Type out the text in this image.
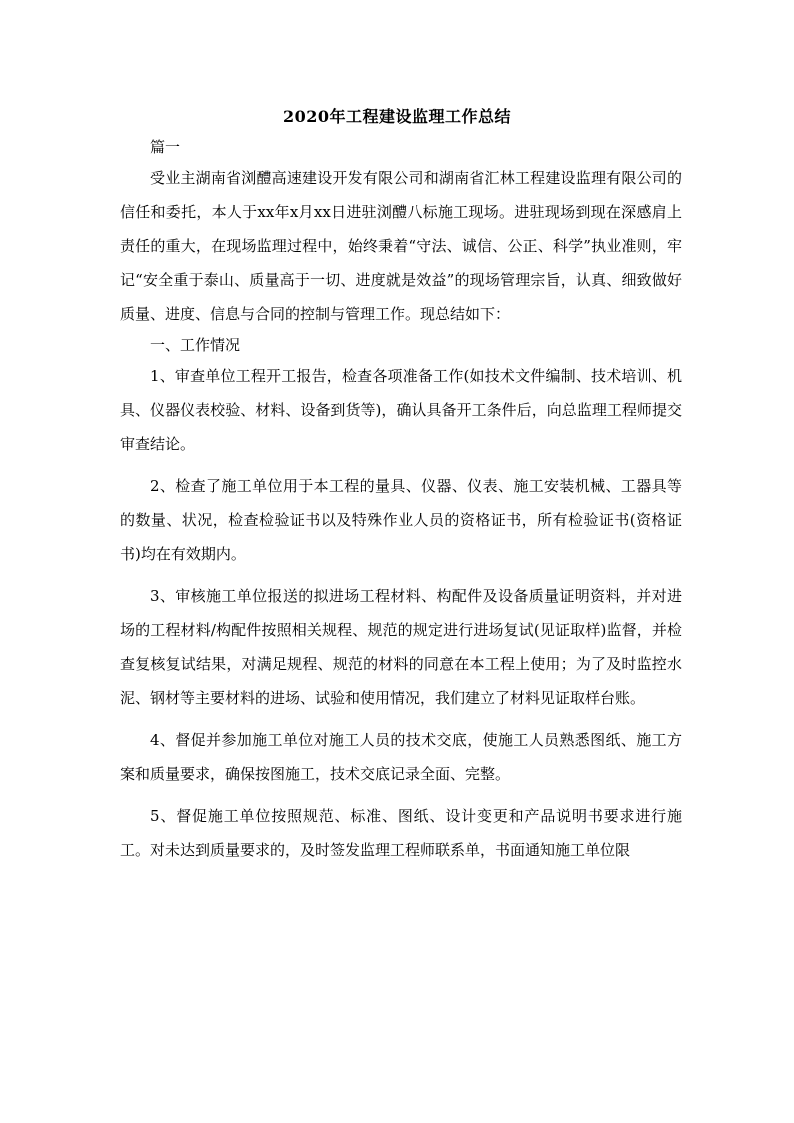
2020年工程建设监理工作总结

篇一

受业主湖南省浏醴高速建设开发有限公司和湖南省汇林工程建设监理有限公司的信任和委托，本人于xx年x月xx日进驻浏醴八标施工现场。进驻现场到现在深感肩上责任的重大，在现场监理过程中，始终秉着“守法、诚信、公正、科学”执业准则，牢记“安全重于泰山、质量高于一切、进度就是效益”的现场管理宗旨，认真、细致做好质量、进度、信息与合同的控制与管理工作。现总结如下：

一、工作情况

1、审查单位工程开工报告，检查各项准备工作(如技术文件编制、技术培训、机具、仪器仪表校验、材料、设备到货等)，确认具备开工条件后，向总监理工程师提交审查结论。

2、检查了施工单位用于本工程的量具、仪器、仪表、施工安装机械、工器具等的数量、状况，检查检验证书以及特殊作业人员的资格证书，所有检验证书(资格证书)均在有效期内。

3、审核施工单位报送的拟进场工程材料、构配件及设备质量证明资料，并对进场的工程材料/构配件按照相关规程、规范的规定进行进场复试(见证取样)监督，并检查复核复试结果，对满足规程、规范的材料的同意在本工程上使用；为了及时监控水泥、钢材等主要材料的进场、试验和使用情况，我们建立了材料见证取样台账。

4、督促并参加施工单位对施工人员的技术交底，使施工人员熟悉图纸、施工方案和质量要求，确保按图施工，技术交底记录全面、完整。

5、督促施工单位按照规范、标准、图纸、设计变更和产品说明书要求进行施工。对未达到质量要求的，及时签发监理工程师联系单，书面通知施工单位限
